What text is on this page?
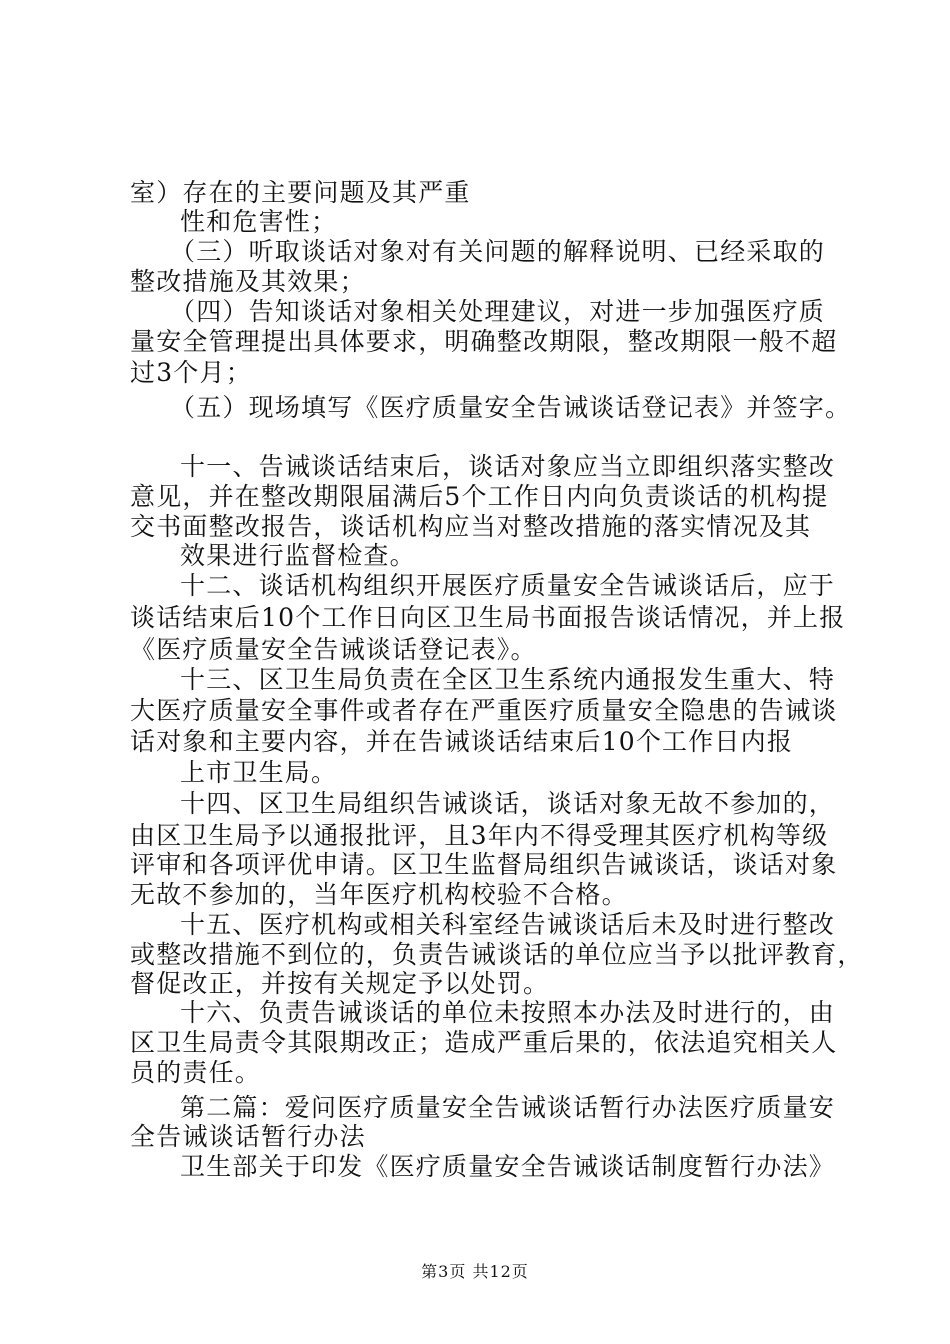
室）存在的主要问题及其严重
性和危害性；
（三）听取谈话对象对有关问题的解释说明、已经采取的
整改措施及其效果；
（四）告知谈话对象相关处理建议，对进一步加强医疗质
量安全管理提出具体要求，明确整改期限，整改期限一般不超
过3个月；
（五）现场填写《医疗质量安全告诫谈话登记表》并签字。
十一、告诫谈话结束后，谈话对象应当立即组织落实整改
意见，并在整改期限届满后5个工作日内向负责谈话的机构提
交书面整改报告，谈话机构应当对整改措施的落实情况及其
效果进行监督检查。
十二、谈话机构组织开展医疗质量安全告诫谈话后，应于
谈话结束后10个工作日向区卫生局书面报告谈话情况，并上报
《医疗质量安全告诫谈话登记表》。
十三、区卫生局负责在全区卫生系统内通报发生重大、特
大医疗质量安全事件或者存在严重医疗质量安全隐患的告诫谈
话对象和主要内容，并在告诫谈话结束后10个工作日内报
上市卫生局。
十四、区卫生局组织告诫谈话，谈话对象无故不参加的，
由区卫生局予以通报批评，且3年内不得受理其医疗机构等级
评审和各项评优申请。区卫生监督局组织告诫谈话，谈话对象
无故不参加的，当年医疗机构校验不合格。
十五、医疗机构或相关科室经告诫谈话后未及时进行整改
或整改措施不到位的，负责告诫谈话的单位应当予以批评教育，
督促改正，并按有关规定予以处罚。
十六、负责告诫谈话的单位未按照本办法及时进行的，由
区卫生局责令其限期改正；造成严重后果的，依法追究相关人
员的责任。
第二篇：爱问医疗质量安全告诫谈话暂行办法医疗质量安
全告诫谈话暂行办法
卫生部关于印发《医疗质量安全告诫谈话制度暂行办法》
第3页 共12页
